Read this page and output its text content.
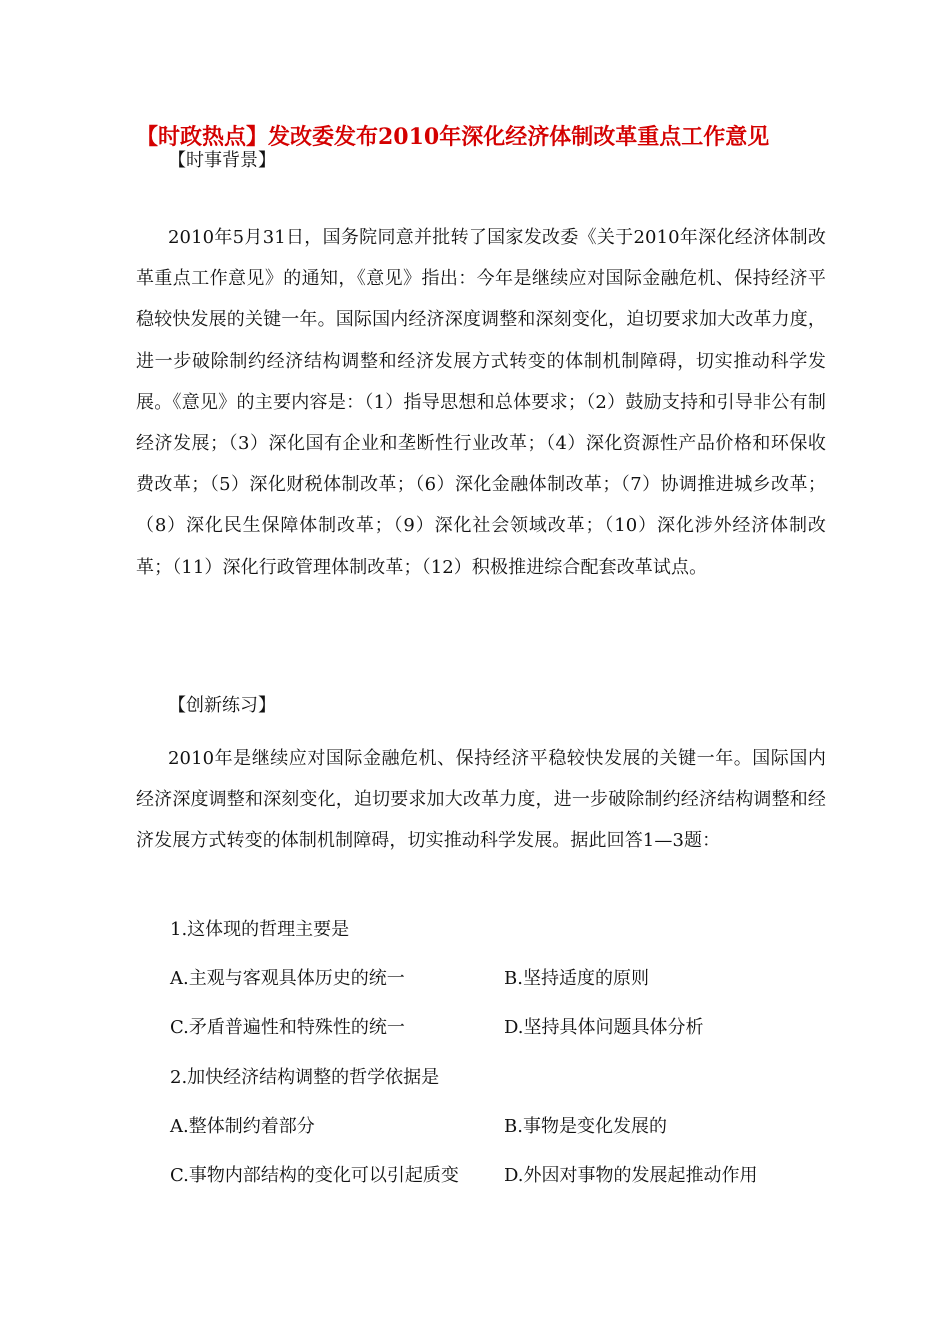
【时政热点】发改委发布2010年深化经济体制改革重点工作意见
【时事背景】
2010年5月31日，国务院同意并批转了国家发改委《关于2010年深化经济体制改革重点工作意见》的通知，《意见》指出：今年是继续应对国际金融危机、保持经济平稳较快发展的关键一年。国际国内经济深度调整和深刻变化，迫切要求加大改革力度，进一步破除制约经济结构调整和经济发展方式转变的体制机制障碍，切实推动科学发展。《意见》的主要内容是：（1）指导思想和总体要求；（2）鼓励支持和引导非公有制经济发展；（3）深化国有企业和垄断性行业改革；（4）深化资源性产品价格和环保收费改革；（5）深化财税体制改革；（6）深化金融体制改革；（7）协调推进城乡改革；（8）深化民生保障体制改革；（9）深化社会领域改革；（10）深化涉外经济体制改革；（11）深化行政管理体制改革；（12）积极推进综合配套改革试点。
【创新练习】
2010年是继续应对国际金融危机、保持经济平稳较快发展的关键一年。国际国内经济深度调整和深刻变化，迫切要求加大改革力度，进一步破除制约经济结构调整和经济发展方式转变的体制机制障碍，切实推动科学发展。据此回答1—3题：
1.这体现的哲理主要是
A.主观与客观具体历史的统一	B.坚持适度的原则
C.矛盾普遍性和特殊性的统一	D.坚持具体问题具体分析
2.加快经济结构调整的哲学依据是
A.整体制约着部分	B.事物是变化发展的
C.事物内部结构的变化可以引起质变	D.外因对事物的发展起推动作用
